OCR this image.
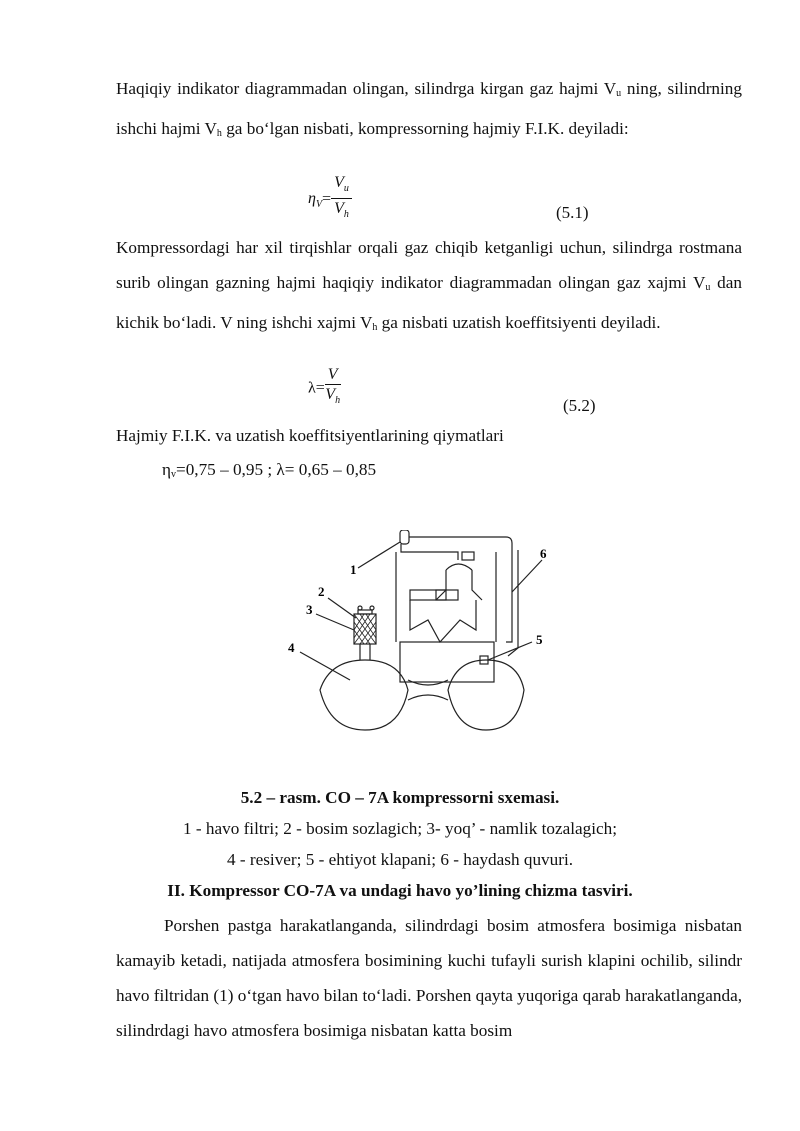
Haqiqiy indikator diagrammadan olingan, silindrga kirgan gaz hajmi $V_u$ ning, silindrning ishchi hajmi $V_h$ ga bo‘lgan nisbati, kompressorning hajmiy F.I.K. deyiladi:

$\eta_V= \frac{V_u}{V_h}$	(5.1)

Kompressordagi har xil tirqishlar orqali gaz chiqib ketganligi uchun, silindrga rostmana surib olingan gazning hajmi haqiqiy indikator diagrammadan olingan gaz xajmi $V_u$ dan kichik bo‘ladi. V ning ishchi xajmi $V_h$ ga nisbati uzatish koeffitsiyenti deyiladi.

$\lambda= \frac{V}{V_h}$	(5.2)
Hajmiy F.I.K. va uzatish koeffitsiyentlarining qiymatlari
$\eta_v=0,75 - 0,95$ ; λ= 0,65 – 0,85
1
2
3
4
5
6
5.2 – rasm. CO – 7A kompressorni sxemasi.
1 - havo filtri; 2 - bosim sozlagich; 3- yoq’ - namlik tozalagich;
4 - resiver; 5 - ehtiyot klapani; 6 - haydash quvuri.
II. Kompressor CO-7A va undagi havo yo’lining chizma tasviri.

Porshen pastga harakatlanganda, silindrdagi bosim atmosfera bosimiga nisbatan kamayib ketadi, natijada atmosfera bosimining kuchi tufayli surish klapini ochilib, silindr havo filtridan (1) o‘tgan havo bilan to‘ladi. Porshen qayta yuqoriga qarab harakatlanganda, silindrdagi havo atmosfera bosimiga nisbatan katta bosim
